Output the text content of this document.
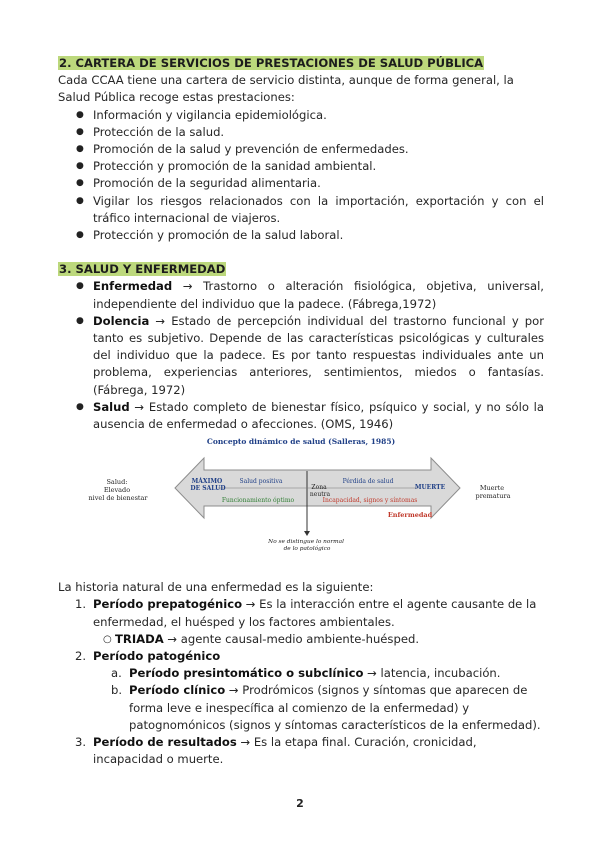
2. CARTERA DE SERVICIOS DE PRESTACIONES DE SALUD PÚBLICA

Cada CCAA tiene una cartera de servicio distinta, aunque de forma general, la Salud Pública recoge estas prestaciones:

● Información y vigilancia epidemiológica.
● Protección de la salud.
● Promoción de la salud y prevención de enfermedades.
● Protección y promoción de la sanidad ambiental.
● Promoción de la seguridad alimentaria.
● Vigilar los riesgos relacionados con la importación, exportación y con el tráfico internacional de viajeros.
● Protección y promoción de la salud laboral.
3. SALUD Y ENFERMEDAD
● Enfermedad → Trastorno o alteración fisiológica, objetiva, universal, independiente del individuo que la padece. (Fábrega,1972)
● Dolencia → Estado de percepción individual del trastorno funcional y por tanto es subjetivo. Depende de las características psicológicas y culturales del individuo que la padece. Es por tanto respuestas individuales ante un problema, experiencias anteriores, sentimientos, miedos o fantasías. (Fábrega, 1972)
● Salud → Estado completo de bienestar físico, psíquico y social, y no sólo la ausencia de enfermedad o afecciones. (OMS, 1946)
Concepto dinámico de salud (Salleras, 1985)
Salud: Elevado nivel de bienestar
Muerte prematura
MÁXIMO DE SALUD
Salud positiva
Zona neutra
Pérdida de salud
MUERTE
Funcionamiento óptimo	Incapacidad, signos y síntomas
Enfermedad
No se distingue lo normal de lo patológico

La historia natural de una enfermedad es la siguiente:

1. Período prepatogénico → Es la interacción entre el agente causante de la enfermedad, el huésped y los factores ambientales.
○ TRIADA → agente causal-medio ambiente-huésped.
2. Período patogénico
a. Período presintomático o subclínico → latencia, incubación.
b. Período clínico → Prodrómicos (signos y síntomas que aparecen de forma leve e inespecífica al comienzo de la enfermedad) y patognomónicos (signos y síntomas característicos de la enfermedad).
3. Período de resultados → Es la etapa final. Curación, cronicidad, incapacidad o muerte.
2
